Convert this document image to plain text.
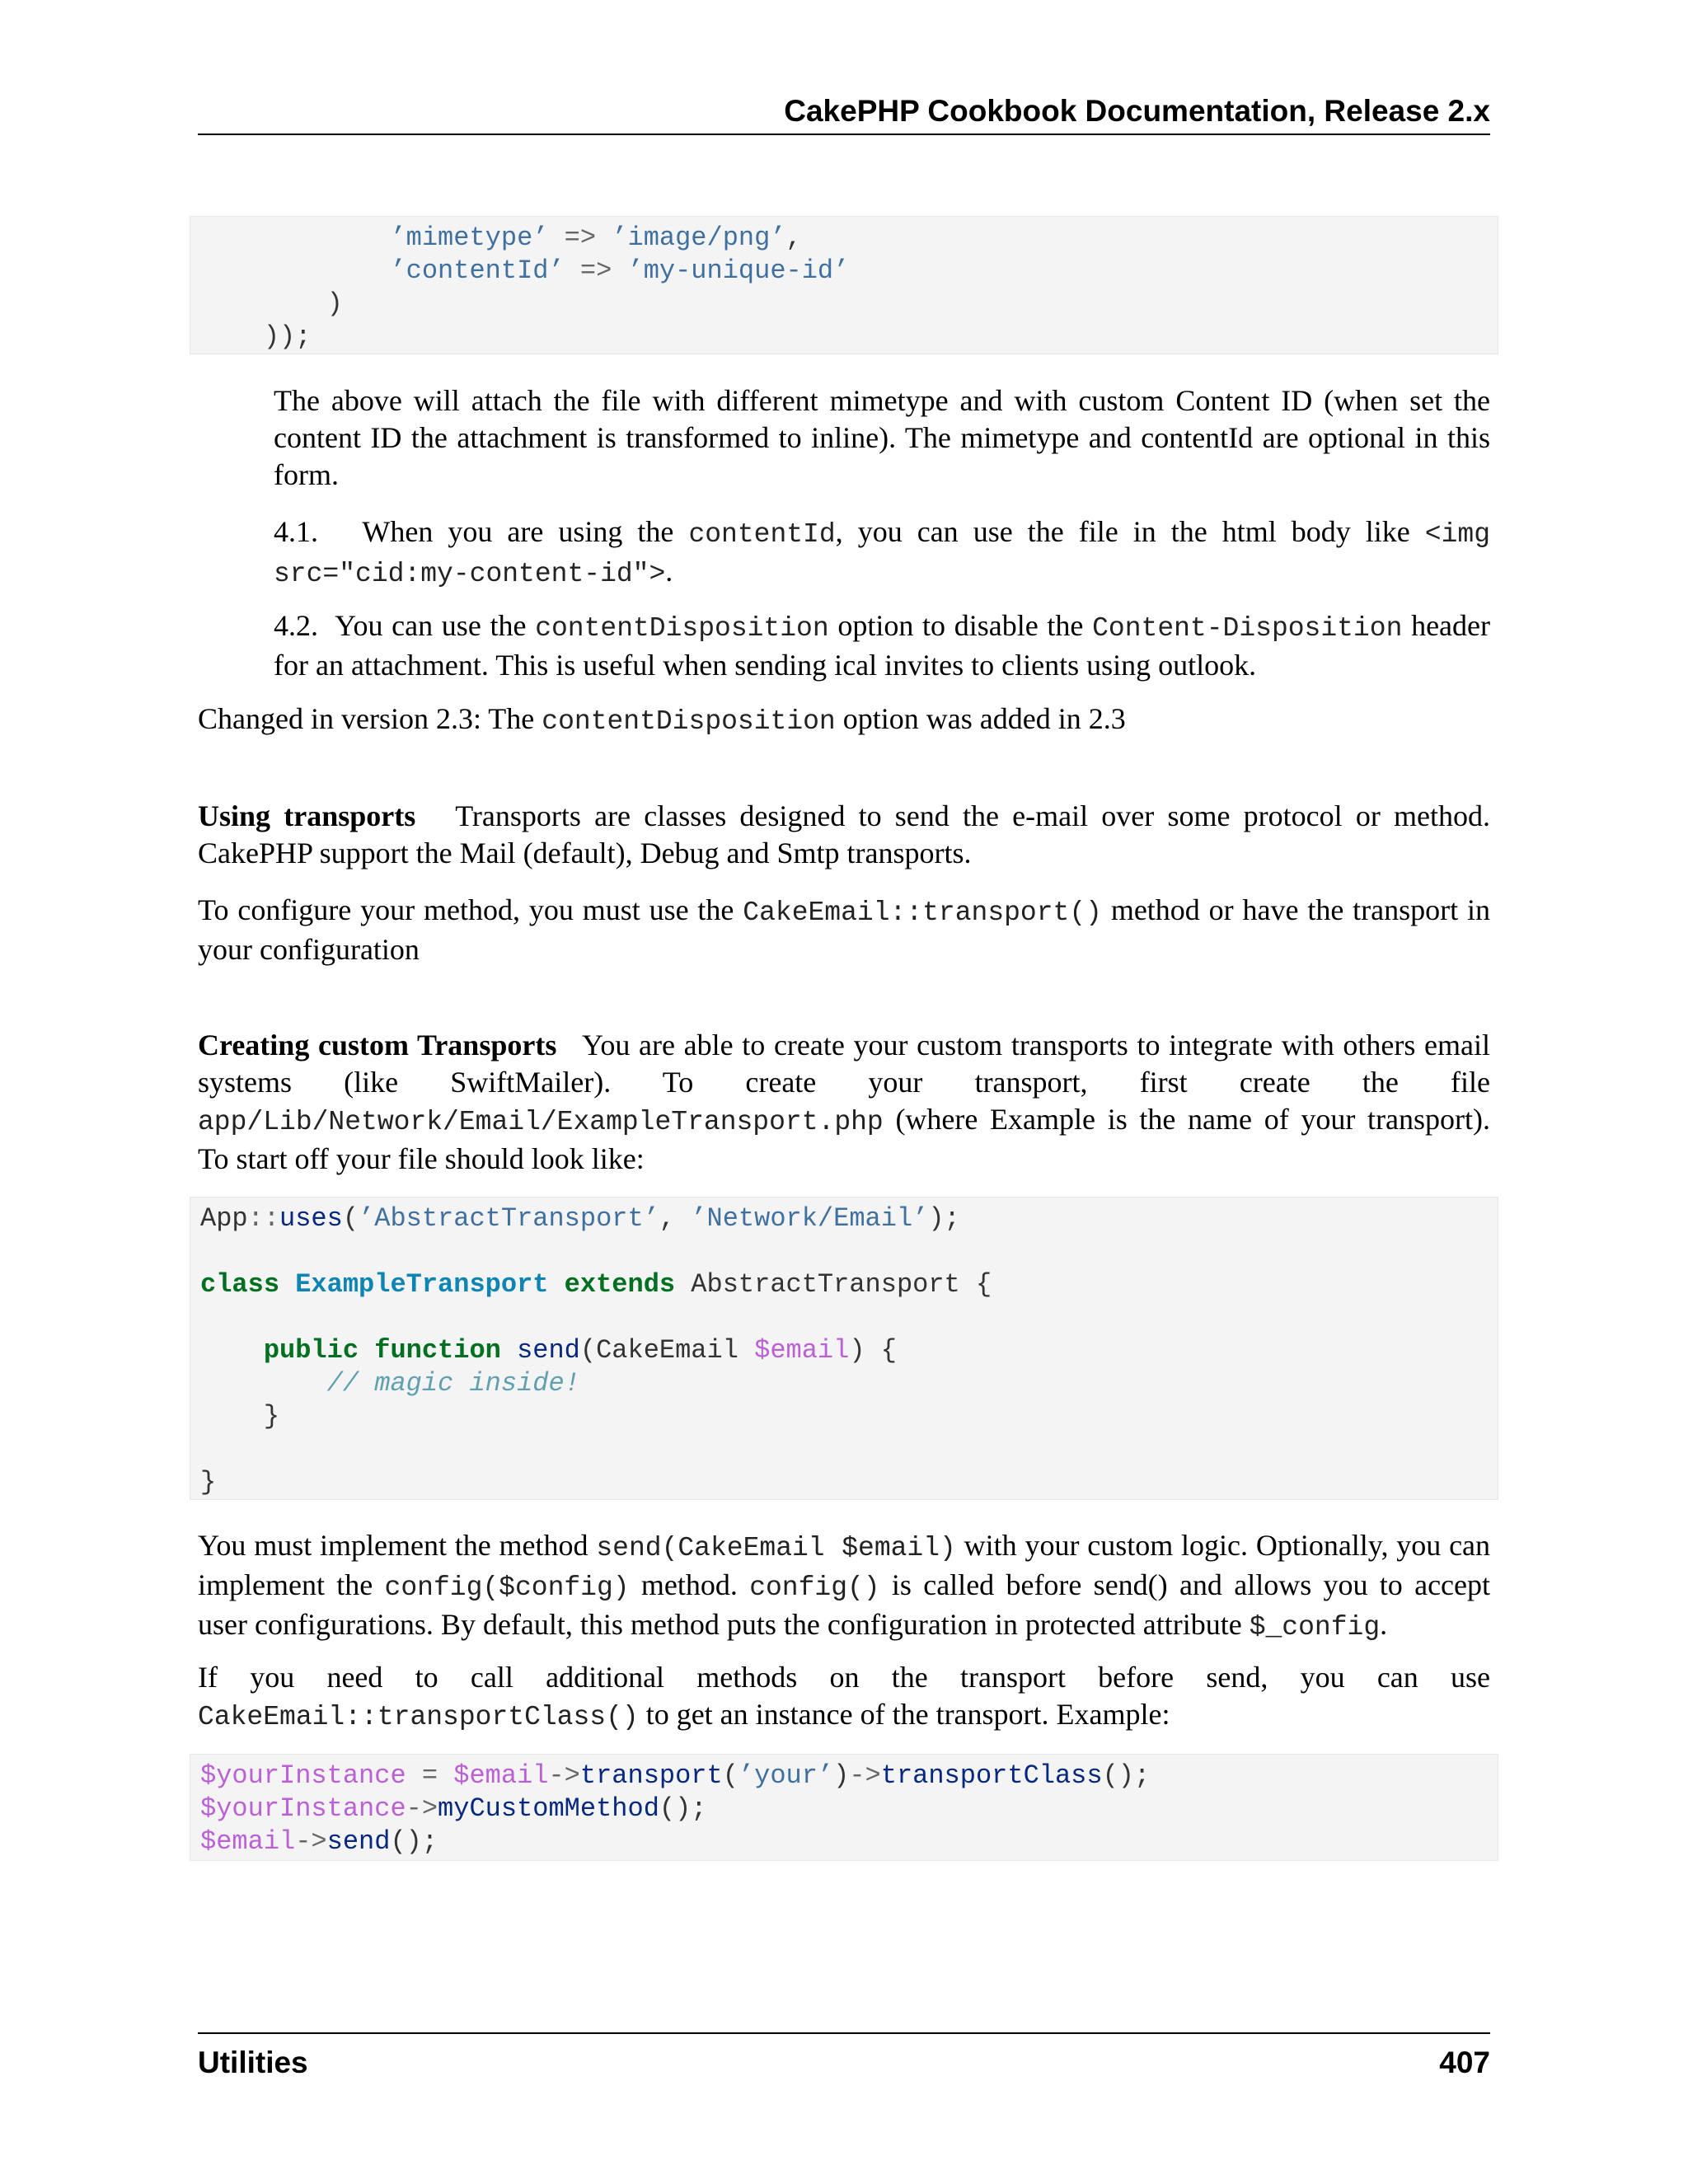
CakePHP Cookbook Documentation, Release 2.x
’mimetype’ => ’image/png’,
’contentId’ => ’my-unique-id’
)
));
The above will attach the file with different mimetype and with custom Content ID (when set the content ID the attachment is transformed to inline). The mimetype and contentId are optional in this form.
4.1. When you are using the contentId, you can use the file in the html body like <img src="cid:my-content-id">.
4.2. You can use the contentDisposition option to disable the Content-Disposition header for an attachment. This is useful when sending ical invites to clients using outlook.
Changed in version 2.3: The contentDisposition option was added in 2.3
Using transports Transports are classes designed to send the e-mail over some protocol or method. CakePHP support the Mail (default), Debug and Smtp transports.
To configure your method, you must use the CakeEmail::transport() method or have the transport in your configuration
Creating custom Transports You are able to create your custom transports to integrate with others email systems (like SwiftMailer). To create your transport, first create the file app/Lib/Network/Email/ExampleTransport.php (where Example is the name of your transport). To start off your file should look like:
App::uses(’AbstractTransport’, ’Network/Email’);
class ExampleTransport extends AbstractTransport {
public function send(CakeEmail $email) {
// magic inside!
}
}
You must implement the method send(CakeEmail $email) with your custom logic. Optionally, you can implement the config($config) method. config() is called before send() and allows you to accept user configurations. By default, this method puts the configuration in protected attribute $_config.
If you need to call additional methods on the transport before send, you can use CakeEmail::transportClass() to get an instance of the transport. Example:
$yourInstance = $email->transport(’your’)->transportClass();
$yourInstance->myCustomMethod();
$email->send();
Utilities	407
